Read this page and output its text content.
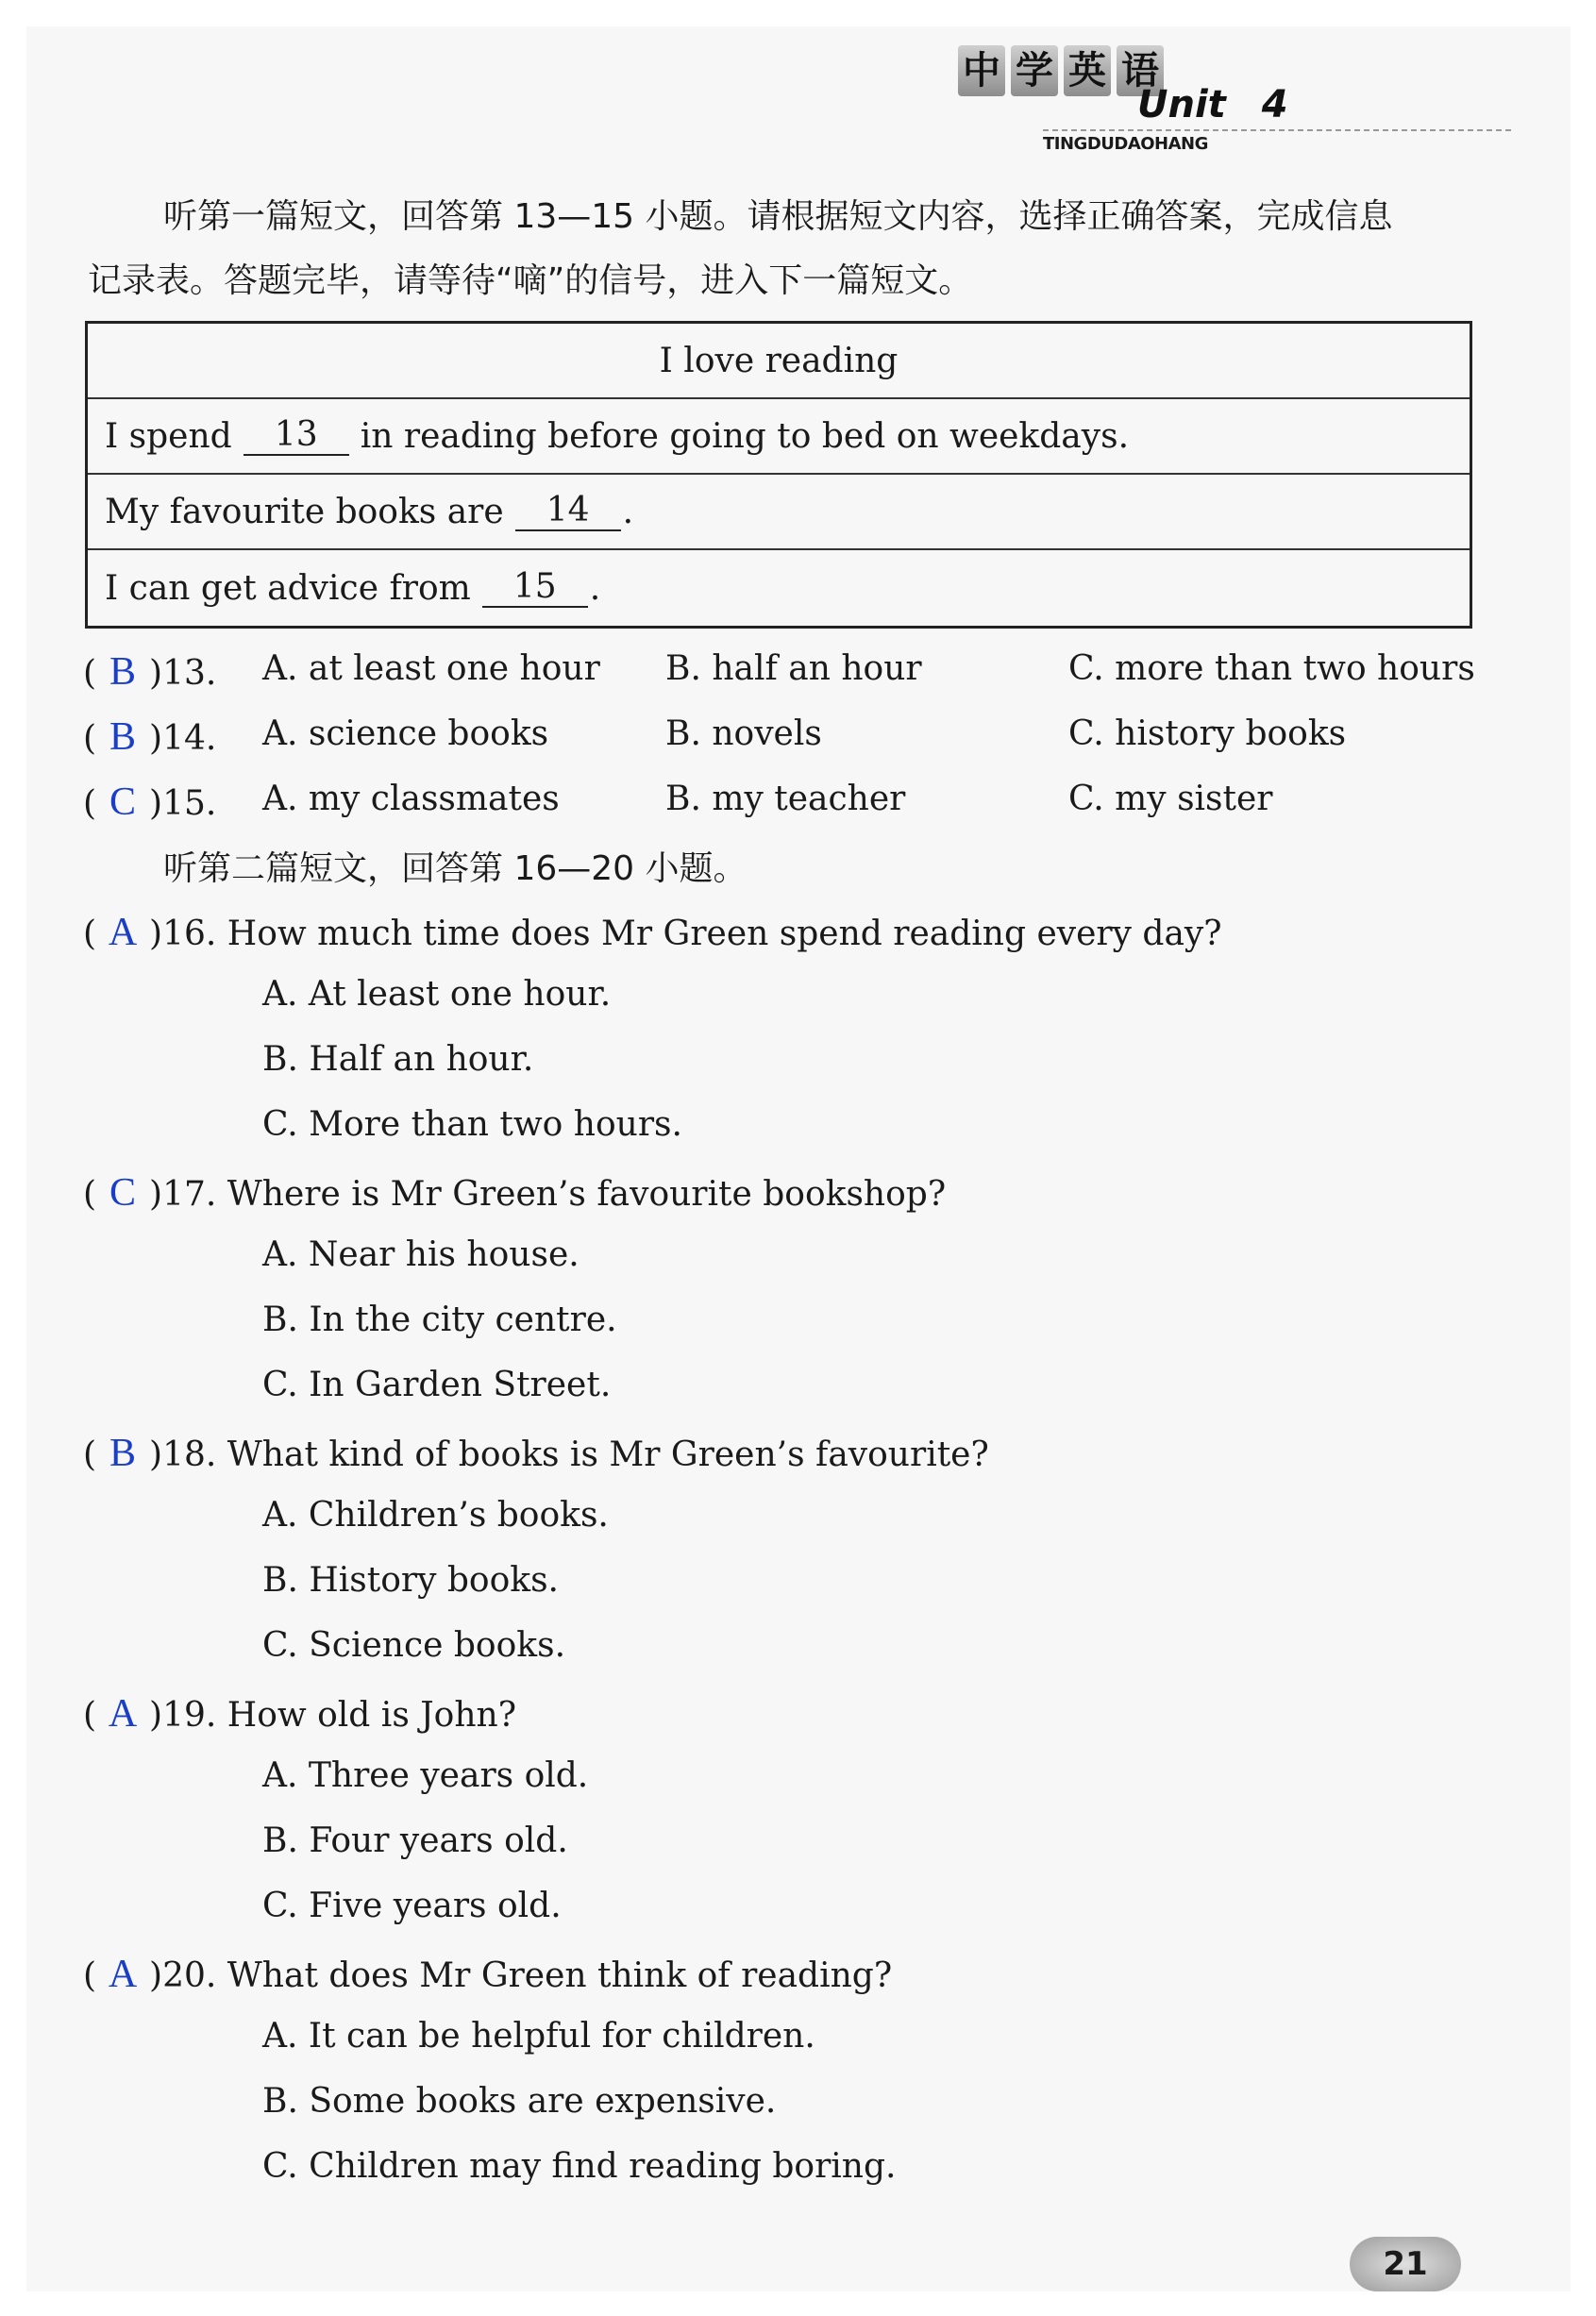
中 学 英 语
Unit 4
TINGDUDAOHANG

听第一篇短文，回答第 13—15 小题。请根据短文内容，选择正确答案，完成信息

记录表。答题完毕，请等待“嘀”的信号，进入下一篇短文。

I love reading
I spend	13	in reading before going to bed on weekdays.
My favourite books are	14 .
I can get advice from	15 .
( B )13. A. at least one hour B. half an hour	C. more than two hours
( B )14. A. science books	B. novels	C. history books
( C )15. A. my classmates	B. my teacher	C. my sister
听第二篇短文，回答第 16—20 小题。
( A )16. How much time does Mr Green spend reading every day?
A. At least one hour.
B. Half an hour.
C. More than two hours.
( C )17. Where is Mr Green’s favourite bookshop?
A. Near his house.
B. In the city centre.
C. In Garden Street.
( B )18. What kind of books is Mr Green’s favourite?
A. Children’s books.
B. History books.
C. Science books.
( A )19. How old is John?
A. Three years old.
B. Four years old.
C. Five years old.
( A )20. What does Mr Green think of reading?
A. It can be helpful for children.
B. Some books are expensive.
C. Children may find reading boring.
21
